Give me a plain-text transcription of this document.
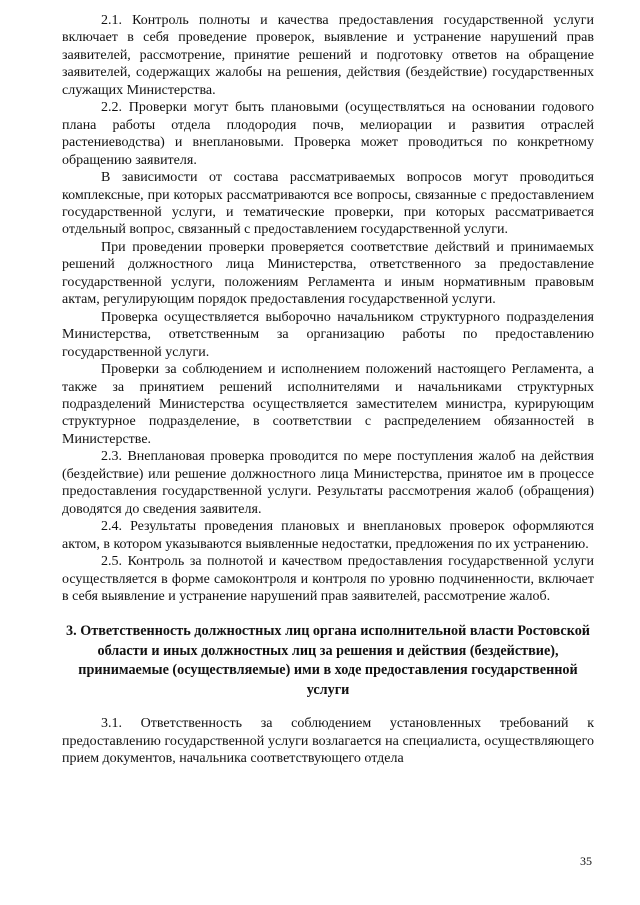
2.1. Контроль полноты и качества предоставления государственной услуги включает в себя проведение проверок, выявление и устранение нарушений прав заявителей, рассмотрение, принятие решений и подготовку ответов на обращение заявителей, содержащих жалобы на решения, действия (бездействие) государственных служащих Министерства.

2.2. Проверки могут быть плановыми (осуществляться на основании годового плана работы отдела плодородия почв, мелиорации и развития отраслей растениеводства) и внеплановыми. Проверка может проводиться по конкретному обращению заявителя.

В зависимости от состава рассматриваемых вопросов могут проводиться комплексные, при которых рассматриваются все вопросы, связанные с предоставлением государственной услуги, и тематические проверки, при которых рассматривается отдельный вопрос, связанный с предоставлением государственной услуги.

При проведении проверки проверяется соответствие действий и принимаемых решений должностного лица Министерства, ответственного за предоставление государственной услуги, положениям Регламента и иным нормативным правовым актам, регулирующим порядок предоставления государственной услуги.

Проверка осуществляется выборочно начальником структурного подразделения Министерства, ответственным за организацию работы по предоставлению государственной услуги.

Проверки за соблюдением и исполнением положений настоящего Регламента, а также за принятием решений исполнителями и начальниками структурных подразделений Министерства осуществляется заместителем министра, курирующим структурное подразделение, в соответствии с распределением обязанностей в Министерстве.

2.3. Внеплановая проверка проводится по мере поступления жалоб на действия (бездействие) или решение должностного лица Министерства, принятое им в процессе предоставления государственной услуги. Результаты рассмотрения жалоб (обращения) доводятся до сведения заявителя.

2.4. Результаты проведения плановых и внеплановых проверок оформляются актом, в котором указываются выявленные недостатки, предложения по их устранению.

2.5. Контроль за полнотой и качеством предоставления государственной услуги осуществляется в форме самоконтроля и контроля по уровню подчиненности, включает в себя выявление и устранение нарушений прав заявителей, рассмотрение жалоб.

3. Ответственность должностных лиц органа исполнительной власти Ростовской области и иных должностных лиц за решения и действия (бездействие), принимаемые (осуществляемые) ими в ходе предоставления государственной услуги

3.1. Ответственность за соблюдением установленных требований к предоставлению государственной услуги возлагается на специалиста, осуществляющего прием документов, начальника соответствующего отдела

35
